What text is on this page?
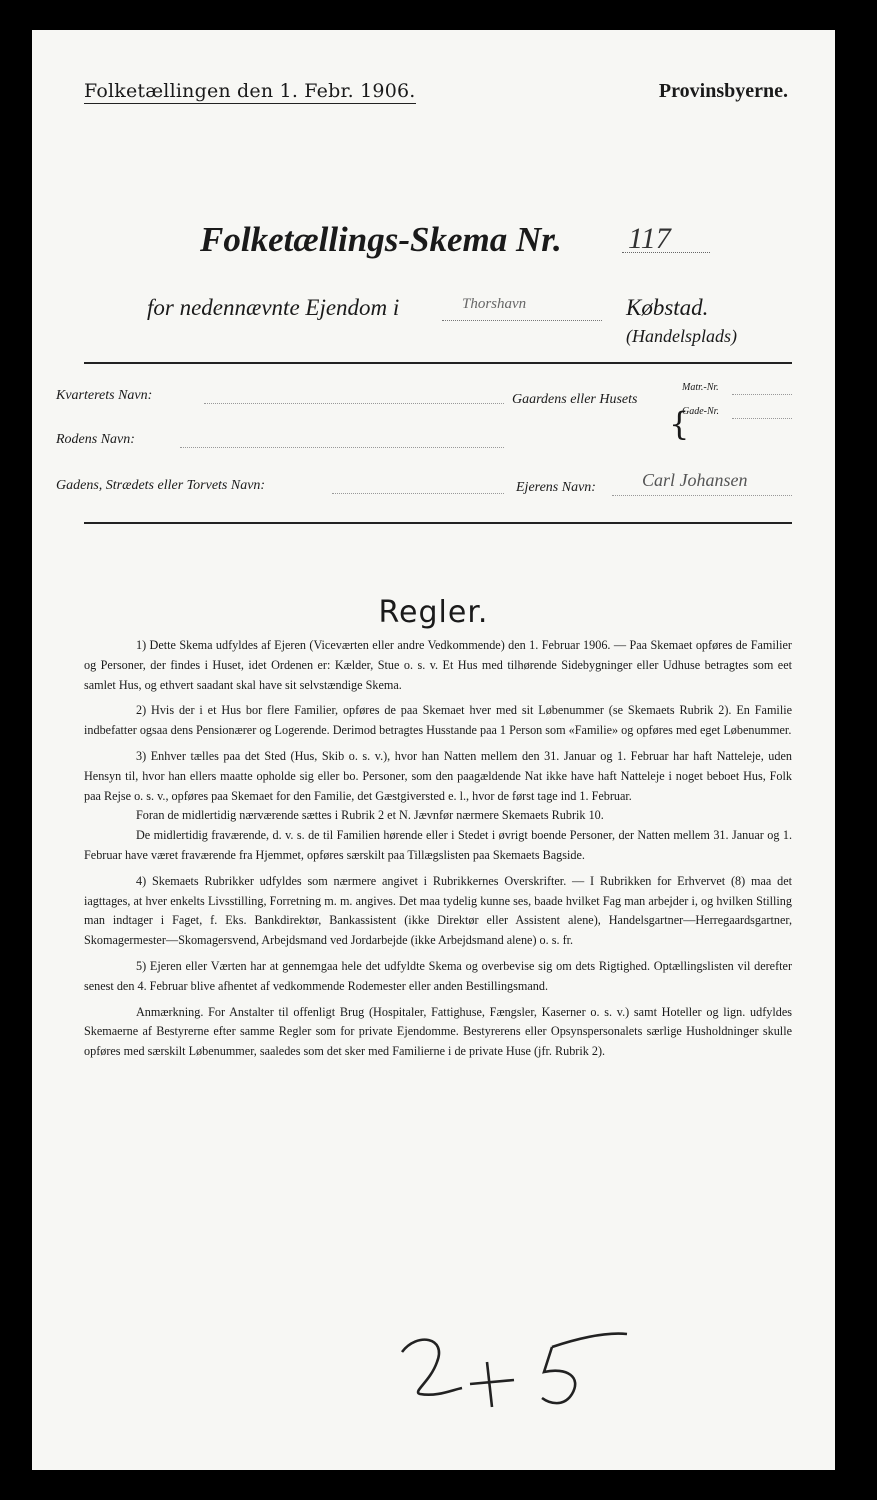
Folketællingen den 1. Febr. 1906.	Provinsbyerne.
Folketællings-Skema Nr. 117
for nedennævnte Ejendom i	Thorshavn	Købstad.
(Handelsplads)
Kvarterets Navn:	Gaardens eller Husets
{
Matr.-Nr.
Gade-Nr.
Rodens Navn:
Gadens, Strædets eller Torvets Navn:	Ejerens Navn:	Carl Johansen
Regler.

1) Dette Skema udfyldes af Ejeren (Viceværten eller andre Vedkommende) den 1. Februar 1906. — Paa Skemaet opføres de Familier og Personer, der findes i Huset, idet Ordenen er: Kælder, Stue o. s. v. Et Hus med tilhørende Sidebygninger eller Udhuse betragtes som eet samlet Hus, og ethvert saadant skal have sit selvstændige Skema.

2) Hvis der i et Hus bor flere Familier, opføres de paa Skemaet hver med sit Løbenummer (se Skemaets Rubrik 2). En Familie indbefatter ogsaa dens Pensionærer og Logerende. Derimod betragtes Husstande paa 1 Person som «Familie» og opføres med eget Løbenummer.

3) Enhver tælles paa det Sted (Hus, Skib o. s. v.), hvor han Natten mellem den 31. Januar og 1. Februar har haft Natteleje, uden Hensyn til, hvor han ellers maatte opholde sig eller bo. Personer, som den paagældende Nat ikke have haft Natteleje i noget beboet Hus, Folk paa Rejse o. s. v., opføres paa Skemaet for den Familie, det Gæstgiversted e. l., hvor de først tage ind 1. Februar.

Foran de midlertidig nærværende sættes i Rubrik 2 et N. Jævnfør nærmere Skemaets Rubrik 10.

De midlertidig fraværende, d. v. s. de til Familien hørende eller i Stedet i øvrigt boende Personer, der Natten mellem 31. Januar og 1. Februar have været fraværende fra Hjemmet, opføres særskilt paa Tillægslisten paa Skemaets Bagside.

4) Skemaets Rubrikker udfyldes som nærmere angivet i Rubrikkernes Overskrifter. — I Rubrikken for Erhvervet (8) maa det iagttages, at hver enkelts Livsstilling, Forretning m. m. angives. Det maa tydelig kunne ses, baade hvilket Fag man arbejder i, og hvilken Stilling man indtager i Faget, f. Eks. Bankdirektør, Bankassistent (ikke Direktør eller Assistent alene), Handelsgartner—Herregaardsgartner, Skomagermester—Skomagersvend, Arbejdsmand ved Jordarbejde (ikke Arbejdsmand alene) o. s. fr.

5) Ejeren eller Værten har at gennemgaa hele det udfyldte Skema og overbevise sig om dets Rigtighed. Optællingslisten vil derefter senest den 4. Februar blive afhentet af vedkommende Rodemester eller anden Bestillingsmand.

Anmærkning. For Anstalter til offenligt Brug (Hospitaler, Fattighuse, Fængsler, Kaserner o. s. v.) samt Hoteller og lign. udfyldes Skemaerne af Bestyrerne efter samme Regler som for private Ejendomme. Bestyrerens eller Opsynspersonalets særlige Husholdninger skulle opføres med særskilt Løbenummer, saaledes som det sker med Familierne i de private Huse (jfr. Rubrik 2).
